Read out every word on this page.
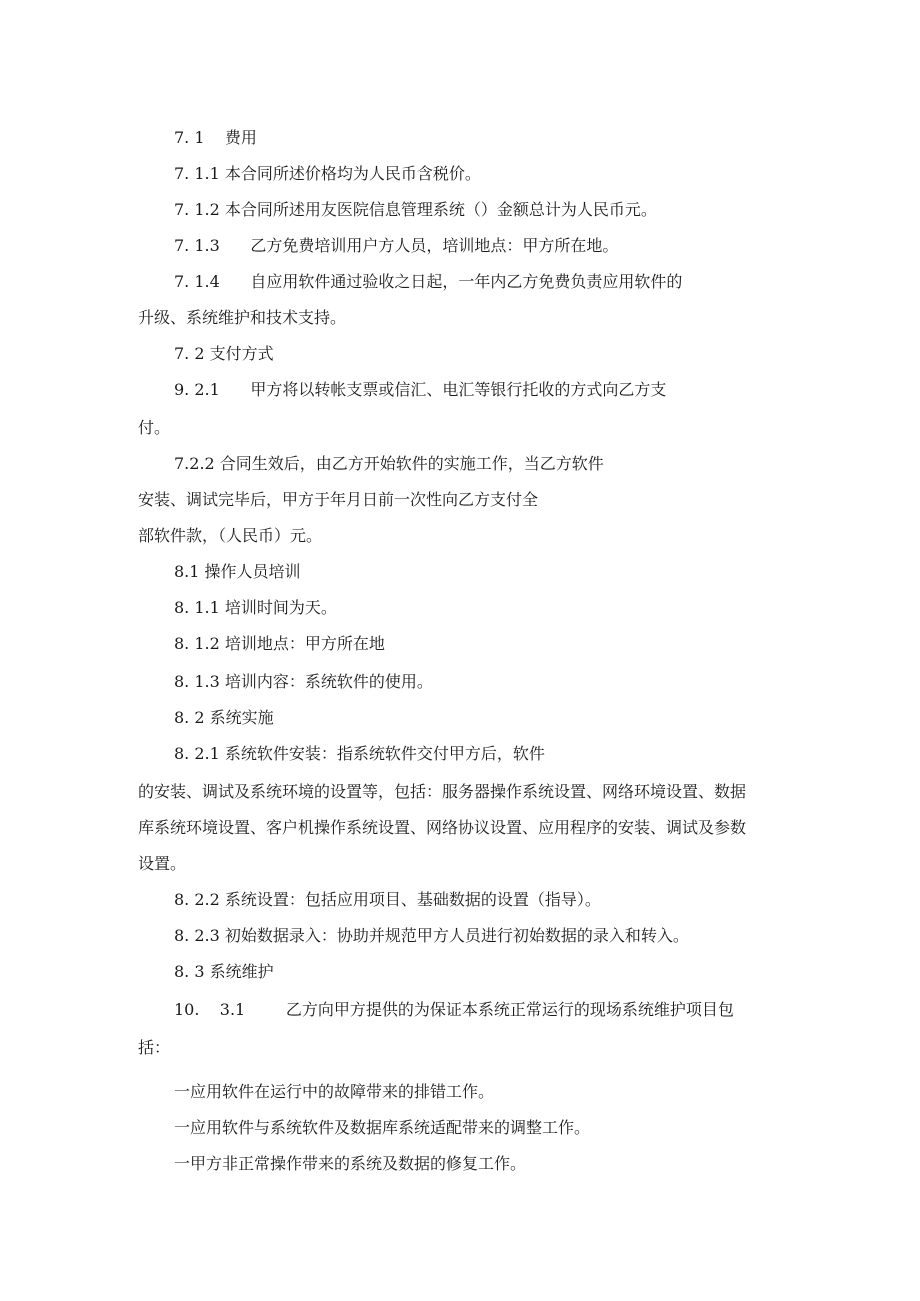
7. 1    费用

7. 1.1 本合同所述价格均为人民币含税价。

7. 1.2 本合同所述用友医院信息管理系统（）金额总计为人民币元。

7. 1.3      乙方免费培训用户方人员，培训地点：甲方所在地。

7. 1.4      自应用软件通过验收之日起，一年内乙方免费负责应用软件的

升级、系统维护和技术支持。

7. 2 支付方式

9. 2.1      甲方将以转帐支票或信汇、电汇等银行托收的方式向乙方支

付。

7.2.2 合同生效后，由乙方开始软件的实施工作，当乙方软件

安装、调试完毕后，甲方于年月日前一次性向乙方支付全

部软件款，（人民币）元。

8.1 操作人员培训

8. 1.1 培训时间为天。

8. 1.2 培训地点：甲方所在地

8. 1.3 培训内容：系统软件的使用。

8. 2 系统实施

8. 2.1 系统软件安装：指系统软件交付甲方后，软件

的安装、调试及系统环境的设置等，包括：服务器操作系统设置、网络环境设置、数据

库系统环境设置、客户机操作系统设置、网络协议设置、应用程序的安装、调试及参数

设置。

8. 2.2 系统设置：包括应用项目、基础数据的设置（指导）。

8. 2.3 初始数据录入：协助并规范甲方人员进行初始数据的录入和转入。

8. 3 系统维护

10.    3.1        乙方向甲方提供的为保证本系统正常运行的现场系统维护项目包

括：

一应用软件在运行中的故障带来的排错工作。

一应用软件与系统软件及数据库系统适配带来的调整工作。

一甲方非正常操作带来的系统及数据的修复工作。
